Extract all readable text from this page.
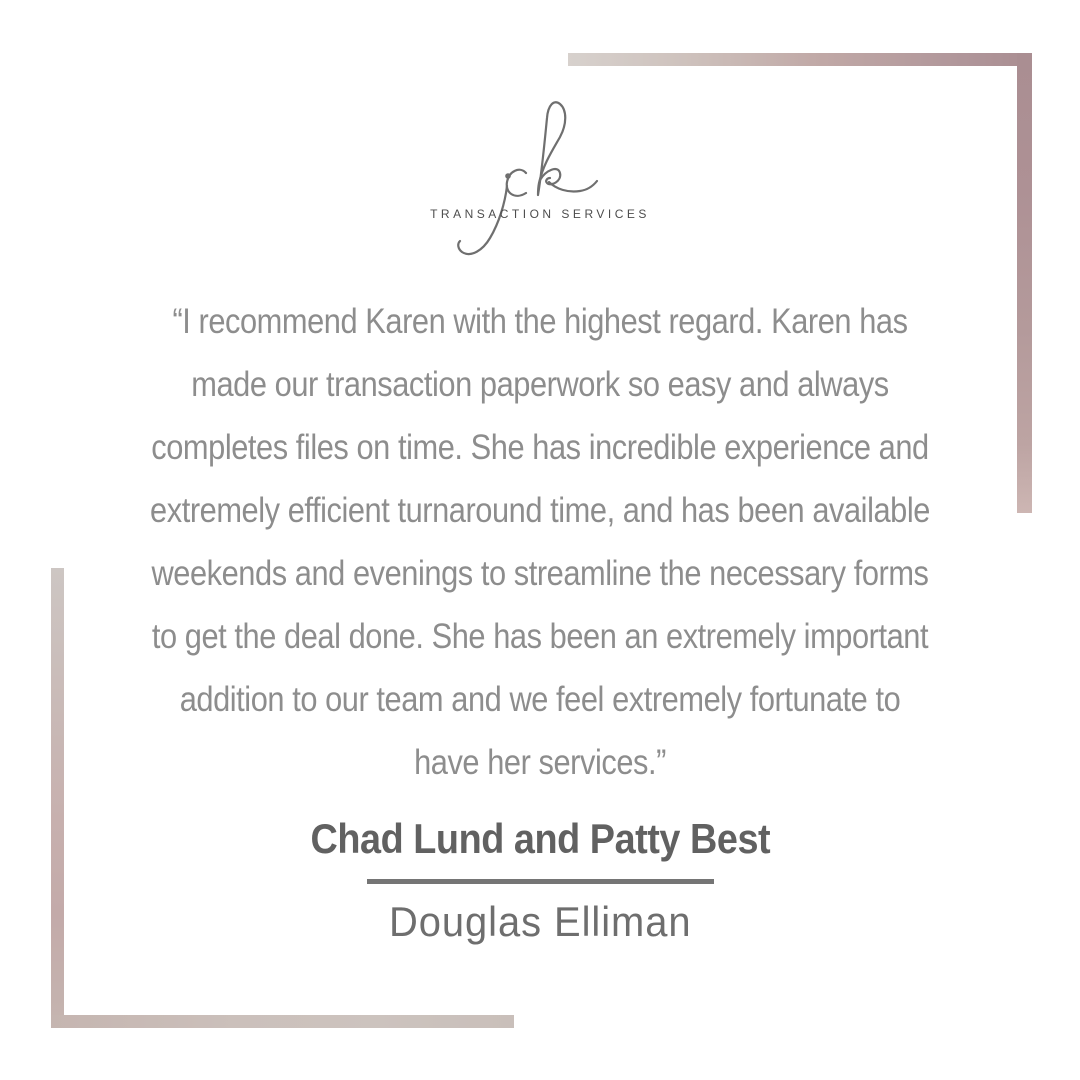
TRANSACTION SERVICES
“I recommend Karen with the highest regard. Karen has
made our transaction paperwork so easy and always
completes files on time. She has incredible experience and
extremely efficient turnaround time, and has been available
weekends and evenings to streamline the necessary forms
to get the deal done. She has been an extremely important
addition to our team and we feel extremely fortunate to
have her services.”
Chad Lund and Patty Best
Douglas Elliman
